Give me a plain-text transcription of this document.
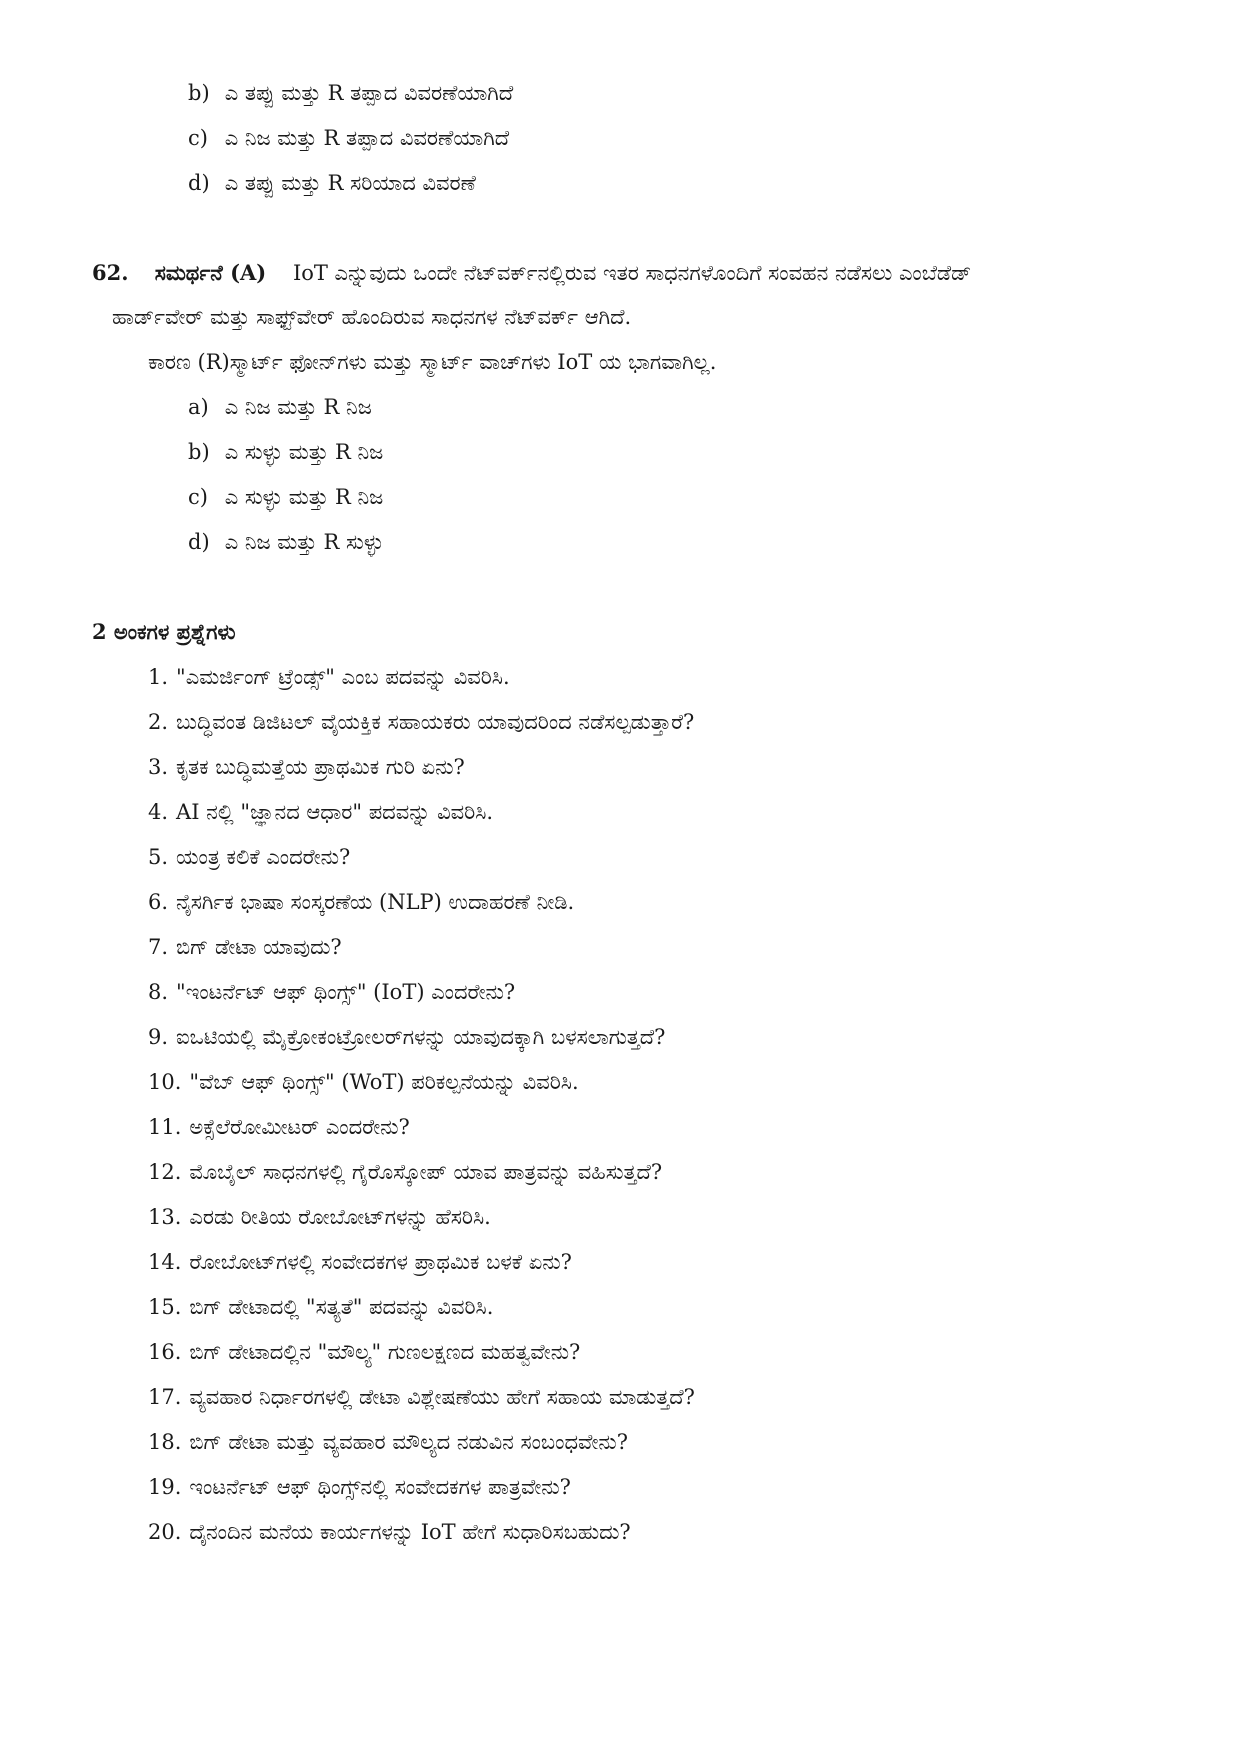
b) ಎ ತಪ್ಪು ಮತ್ತು R ತಪ್ಪಾದ ವಿವರಣೆಯಾಗಿದೆ
c) ಎ ನಿಜ ಮತ್ತು R ತಪ್ಪಾದ ವಿವರಣೆಯಾಗಿದೆ
d) ಎ ತಪ್ಪು ಮತ್ತು R ಸರಿಯಾದ ವಿವರಣೆ
62. ಸಮರ್ಥನೆ (A) IoT ಎನ್ನುವುದು ಒಂದೇ ನೆಟ್‌ವರ್ಕ್‌ನಲ್ಲಿರುವ ಇತರ ಸಾಧನಗಳೊಂದಿಗೆ ಸಂವಹನ ನಡೆಸಲು ಎಂಬೆಡೆಡ್
ಹಾರ್ಡ್‌ವೇರ್ ಮತ್ತು ಸಾಫ್ಟ್‌ವೇರ್ ಹೊಂದಿರುವ ಸಾಧನಗಳ ನೆಟ್‌ವರ್ಕ್ ಆಗಿದೆ.
ಕಾರಣ (R)ಸ್ಮಾರ್ಟ್ ಫೋನ್‌ಗಳು ಮತ್ತು ಸ್ಮಾರ್ಟ್ ವಾಚ್‌ಗಳು IoT ಯ ಭಾಗವಾಗಿಲ್ಲ.
a) ಎ ನಿಜ ಮತ್ತು R ನಿಜ
b) ಎ ಸುಳ್ಳು ಮತ್ತು R ನಿಜ
c) ಎ ಸುಳ್ಳು ಮತ್ತು R ನಿಜ
d) ಎ ನಿಜ ಮತ್ತು R ಸುಳ್ಳು
2 ಅಂಕಗಳ ಪ್ರಶ್ನೆಗಳು
1. "ಎಮರ್ಜಿಂಗ್ ಟ್ರೆಂಡ್ಸ್" ಎಂಬ ಪದವನ್ನು ವಿವರಿಸಿ.
2. ಬುದ್ಧಿವಂತ ಡಿಜಿಟಲ್ ವೈಯಕ್ತಿಕ ಸಹಾಯಕರು ಯಾವುದರಿಂದ ನಡೆಸಲ್ಪಡುತ್ತಾರೆ?
3. ಕೃತಕ ಬುದ್ಧಿಮತ್ತೆಯ ಪ್ರಾಥಮಿಕ ಗುರಿ ಏನು?
4. AI ನಲ್ಲಿ "ಜ್ಞಾನದ ಆಧಾರ" ಪದವನ್ನು ವಿವರಿಸಿ.
5. ಯಂತ್ರ ಕಲಿಕೆ ಎಂದರೇನು?
6. ನೈಸರ್ಗಿಕ ಭಾಷಾ ಸಂಸ್ಕರಣೆಯ (NLP) ಉದಾಹರಣೆ ನೀಡಿ.
7. ಬಿಗ್ ಡೇಟಾ ಯಾವುದು?
8. "ಇಂಟರ್ನೆಟ್ ಆಫ್ ಥಿಂಗ್ಸ್" (IoT) ಎಂದರೇನು?
9. ಐಒಟಿಯಲ್ಲಿ ಮೈಕ್ರೋಕಂಟ್ರೋಲರ್‌ಗಳನ್ನು ಯಾವುದಕ್ಕಾಗಿ ಬಳಸಲಾಗುತ್ತದೆ?
10. "ವೆಬ್ ಆಫ್ ಥಿಂಗ್ಸ್" (WoT) ಪರಿಕಲ್ಪನೆಯನ್ನು ವಿವರಿಸಿ.
11. ಅಕ್ಸೆಲೆರೋಮೀಟರ್ ಎಂದರೇನು?
12. ಮೊಬೈಲ್ ಸಾಧನಗಳಲ್ಲಿ ಗೈರೊಸ್ಕೋಪ್ ಯಾವ ಪಾತ್ರವನ್ನು ವಹಿಸುತ್ತದೆ?
13. ಎರಡು ರೀತಿಯ ರೋಬೋಟ್‌ಗಳನ್ನು ಹೆಸರಿಸಿ.
14. ರೋಬೋಟ್‌ಗಳಲ್ಲಿ ಸಂವೇದಕಗಳ ಪ್ರಾಥಮಿಕ ಬಳಕೆ ಏನು?
15. ಬಿಗ್ ಡೇಟಾದಲ್ಲಿ "ಸತ್ಯತೆ" ಪದವನ್ನು ವಿವರಿಸಿ.
16. ಬಿಗ್ ಡೇಟಾದಲ್ಲಿನ "ಮೌಲ್ಯ" ಗುಣಲಕ್ಷಣದ ಮಹತ್ವವೇನು?
17. ವ್ಯವಹಾರ ನಿರ್ಧಾರಗಳಲ್ಲಿ ಡೇಟಾ ವಿಶ್ಲೇಷಣೆಯು ಹೇಗೆ ಸಹಾಯ ಮಾಡುತ್ತದೆ?
18. ಬಿಗ್ ಡೇಟಾ ಮತ್ತು ವ್ಯವಹಾರ ಮೌಲ್ಯದ ನಡುವಿನ ಸಂಬಂಧವೇನು?
19. ಇಂಟರ್ನೆಟ್ ಆಫ್ ಥಿಂಗ್ಸ್‌ನಲ್ಲಿ ಸಂವೇದಕಗಳ ಪಾತ್ರವೇನು?
20. ದೈನಂದಿನ ಮನೆಯ ಕಾರ್ಯಗಳನ್ನು IoT ಹೇಗೆ ಸುಧಾರಿಸಬಹುದು?
